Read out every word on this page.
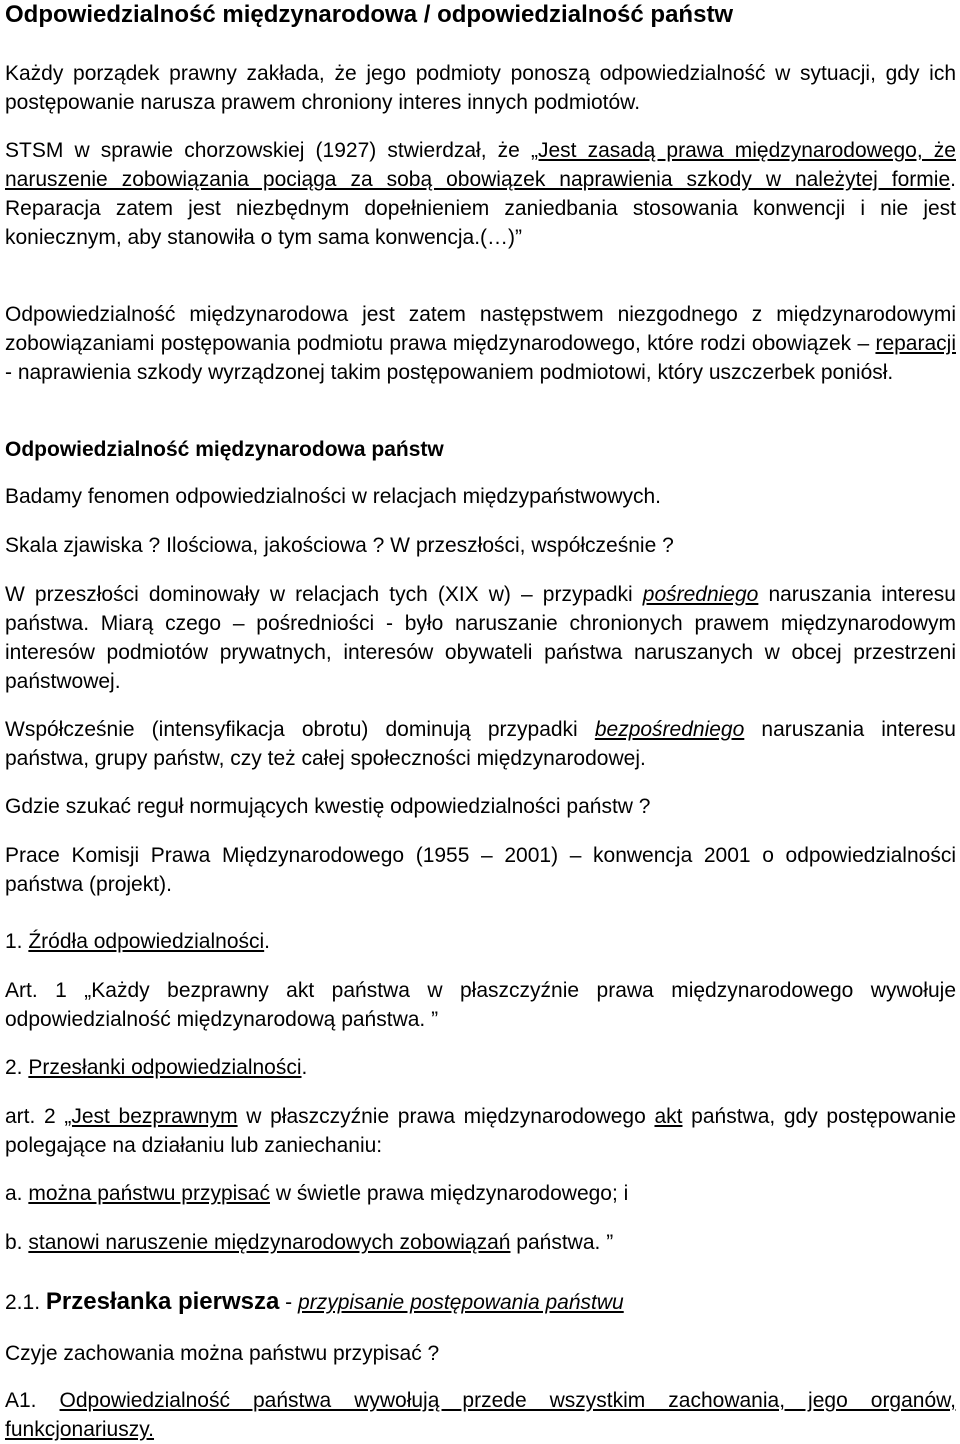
Odpowiedzialność międzynarodowa / odpowiedzialność państw

Każdy porządek prawny zakłada, że jego podmioty ponoszą odpowiedzialność w sytuacji, gdy ich postępowanie narusza prawem chroniony interes innych podmiotów.

STSM w sprawie chorzowskiej (1927) stwierdzał, że „Jest zasadą prawa międzynarodowego, że naruszenie zobowiązania pociąga za sobą obowiązek naprawienia szkody w należytej formie. Reparacja zatem jest niezbędnym dopełnieniem zaniedbania stosowania konwencji i nie jest koniecznym, aby stanowiła o tym sama konwencja.(…)”

Odpowiedzialność międzynarodowa jest zatem następstwem niezgodnego z międzynarodowymi zobowiązaniami postępowania podmiotu prawa międzynarodowego, które rodzi obowiązek – reparacji - naprawienia szkody wyrządzonej takim postępowaniem podmiotowi, który uszczerbek poniósł.

Odpowiedzialność międzynarodowa państw

Badamy fenomen odpowiedzialności w relacjach międzypaństwowych.

Skala zjawiska ? Ilościowa, jakościowa ? W przeszłości, współcześnie ?

W przeszłości dominowały w relacjach tych (XIX w) – przypadki pośredniego naruszania interesu państwa. Miarą czego – pośredniości - było naruszanie chronionych prawem międzynarodowym interesów podmiotów prywatnych, interesów obywateli państwa naruszanych w obcej przestrzeni państwowej.

Współcześnie (intensyfikacja obrotu) dominują przypadki bezpośredniego naruszania interesu państwa, grupy państw, czy też całej społeczności międzynarodowej.

Gdzie szukać reguł normujących kwestię odpowiedzialności państw ?

Prace Komisji Prawa Międzynarodowego (1955 – 2001) – konwencja 2001 o odpowiedzialności państwa (projekt).

1. Źródła odpowiedzialności.

Art. 1 „Każdy bezprawny akt państwa w płaszczyźnie prawa międzynarodowego wywołuje odpowiedzialność międzynarodową państwa. ”

2. Przesłanki odpowiedzialności.

art. 2 „Jest bezprawnym w płaszczyźnie prawa międzynarodowego akt państwa, gdy postępowanie polegające na działaniu lub zaniechaniu:

a. można państwu przypisać w świetle prawa międzynarodowego; i

b. stanowi naruszenie międzynarodowych zobowiązań państwa. ”

2.1. Przesłanka pierwsza - przypisanie postępowania państwu

Czyje zachowania można państwu przypisać ?

A1. Odpowiedzialność państwa wywołują przede wszystkim zachowania, jego organów, funkcjonariuszy.
